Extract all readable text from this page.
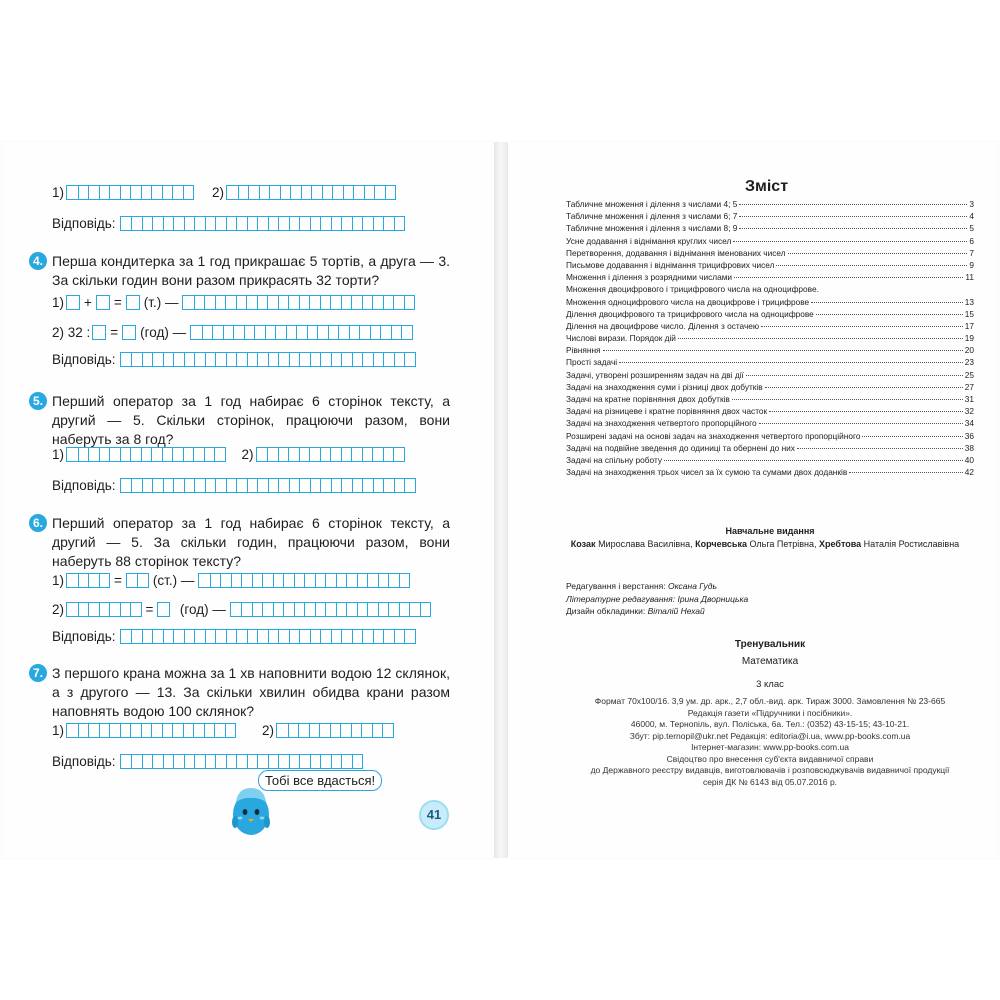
1)	2)
Відповідь:
4. Перша кондитерка за 1 год прикрашає 5 тортів, а друга — 3. За скільки годин вони разом прикрасять 32 торти?
1) + = (т.) —
2) 32 : = (год) —
Відповідь:
5. Перший оператор за 1 год набирає 6 сторінок тексту, а другий — 5. Скільки сторінок, працюючи разом, вони наберуть за 8 год?
1)	2)
Відповідь:
6. Перший оператор за 1 год набирає 6 сторінок тексту, а другий — 5. За скільки годин, працюючи разом, вони наберуть 88 сторінок тексту?
1)	= (ст.) —
2)	= (год) —
Відповідь:
7. З першого крана можна за 1 хв наповнити водою 12 склянок, а з другого — 13. За скільки хвилин обидва крани разом наповнять водою 100 склянок?
1)	2)
Відповідь:
Тобі все вдасться!
41
Зміст
Табличне множення і ділення з числами 4; 5	3
Табличне множення і ділення з числами 6; 7	4
Табличне множення і ділення з числами 8; 9	5
Усне додавання і віднімання круглих чисел	6
Перетворення, додавання і віднімання іменованих чисел	7
Письмове додавання і віднімання трицифрових чисел	9
Множення і ділення з розрядними числами	11
Множення двоцифрового і трицифрового числа на одноцифрове.
Множення одноцифрового числа на двоцифрове і трицифрове	13
Ділення двоцифрового та трицифрового числа на одноцифрове	15
Ділення на двоцифрове число. Ділення з остачею	17
Числові вирази. Порядок дій	19
Рівняння	20
Прості задачі	23
Задачі, утворені розширенням задач на дві дії	25
Задачі на знаходження суми і різниці двох добутків	27
Задачі на кратне порівняння двох добутків	31
Задачі на різницеве і кратне порівняння двох часток	32
Задачі на знаходження четвертого пропорційного	34
Розширені задачі на основі задач на знаходження четвертого пропорційного	36
Задачі на подвійне зведення до одиниці та обернені до них	38
Задачі на спільну роботу	40
Задачі на знаходження трьох чисел за їх сумою та сумами двох доданків	42
Навчальне видання
Козак Мирослава Василівна, Корчевська Ольга Петрівна, Хребтова Наталія Ростиславівна
Редагування і верстання: Оксана Гудь
Літературне редагування: Ірина Дворницька
Дизайн обкладинки: Віталій Нехай
Тренувальник
Математика
3 клас
Формат 70х100/16. 3,9 ум. др. арк., 2,7 обл.-вид. арк. Тираж 3000. Замовлення № 23-665
Редакція газети «Підручники і посібники».
46000, м. Тернопіль, вул. Поліська, 6а. Тел.: (0352) 43-15-15; 43-10-21.
Збут: pip.ternopil@ukr.net Редакція: editoria@i.ua, www.pp-books.com.ua
Інтернет-магазин: www.pp-books.com.ua
Свідоцтво про внесення суб'єкта видавничої справи
до Державного реєстру видавців, виготовлювачів і розповсюджувачів видавничої продукції
серія ДК № 6143 від 05.07.2016 р.
